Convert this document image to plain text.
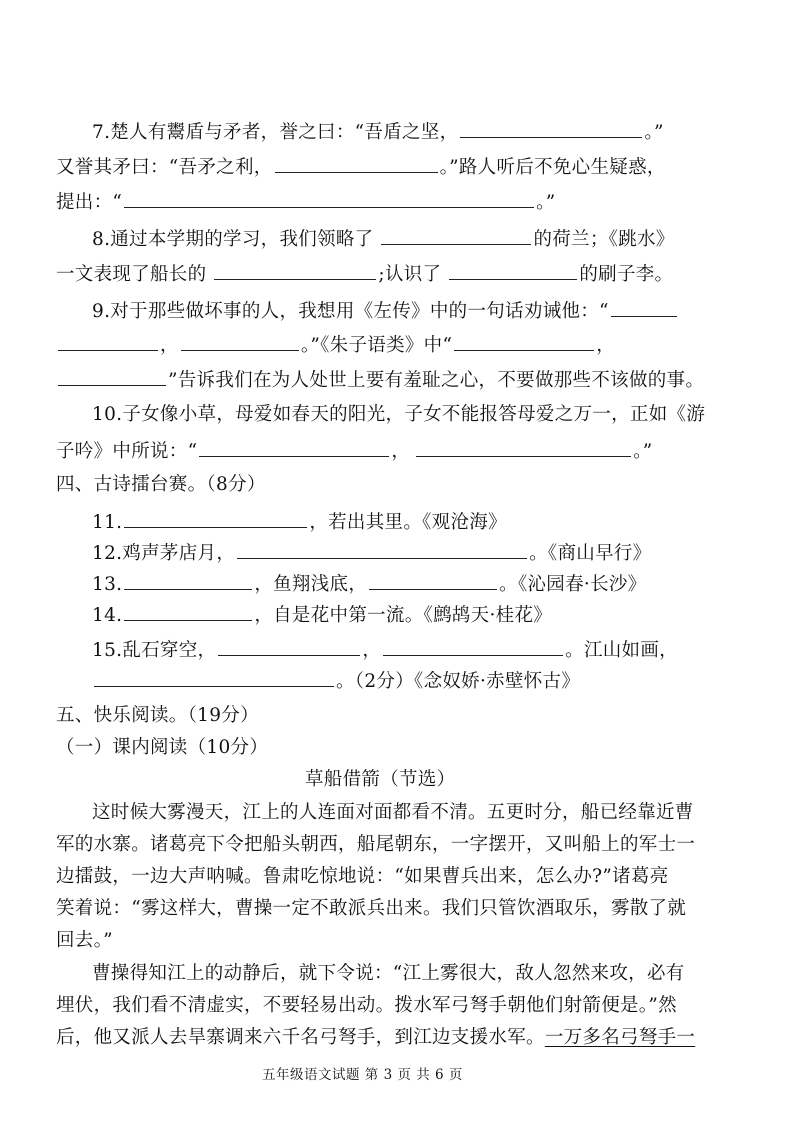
7.楚人有鬻盾与矛者，誉之曰：“吾盾之坚，	。”
又誉其矛曰：“吾矛之利，	。”路人听后不免心生疑惑，
提出：“	。”
8.通过本学期的学习，我们领略了	的荷兰；《跳水》
一文表现了船长的	;认识了	的刷子李。
9.对于那些做坏事的人，我想用《左传》中的一句话劝诫他：“
，	。”《朱子语类》中“	，
”告诉我们在为人处世上要有羞耻之心，不要做那些不该做的事。
10.子女像小草，母爱如春天的阳光，子女不能报答母爱之万一，正如《游
子吟》中所说：“	，	。”
四、古诗擂台赛。（8分）
11.	，若出其里。《观沧海》
12.鸡声茅店月，	。《商山早行》
13.	，鱼翔浅底，	。《沁园春·长沙》
14.	，自是花中第一流。《鹧鸪天·桂花》
15.乱石穿空，	，	。江山如画，
。（2分）《念奴娇·赤壁怀古》
五、快乐阅读。（19分）
（一）课内阅读（10分）
草船借箭（节选）
这时候大雾漫天，江上的人连面对面都看不清。五更时分，船已经靠近曹
军的水寨。诸葛亮下令把船头朝西，船尾朝东，一字摆开，又叫船上的军士一
边擂鼓，一边大声呐喊。鲁肃吃惊地说：“如果曹兵出来，怎么办?”诸葛亮
笑着说：“雾这样大，曹操一定不敢派兵出来。我们只管饮酒取乐，雾散了就
回去。”
曹操得知江上的动静后，就下令说：“江上雾很大，敌人忽然来攻，必有
埋伏，我们看不清虚实，不要轻易出动。拨水军弓弩手朝他们射箭便是。”然
后，他又派人去旱寨调来六千名弓弩手，到江边支援水军。一万多名弓弩手一
五年级语文试题 第 3 页 共 6 页
